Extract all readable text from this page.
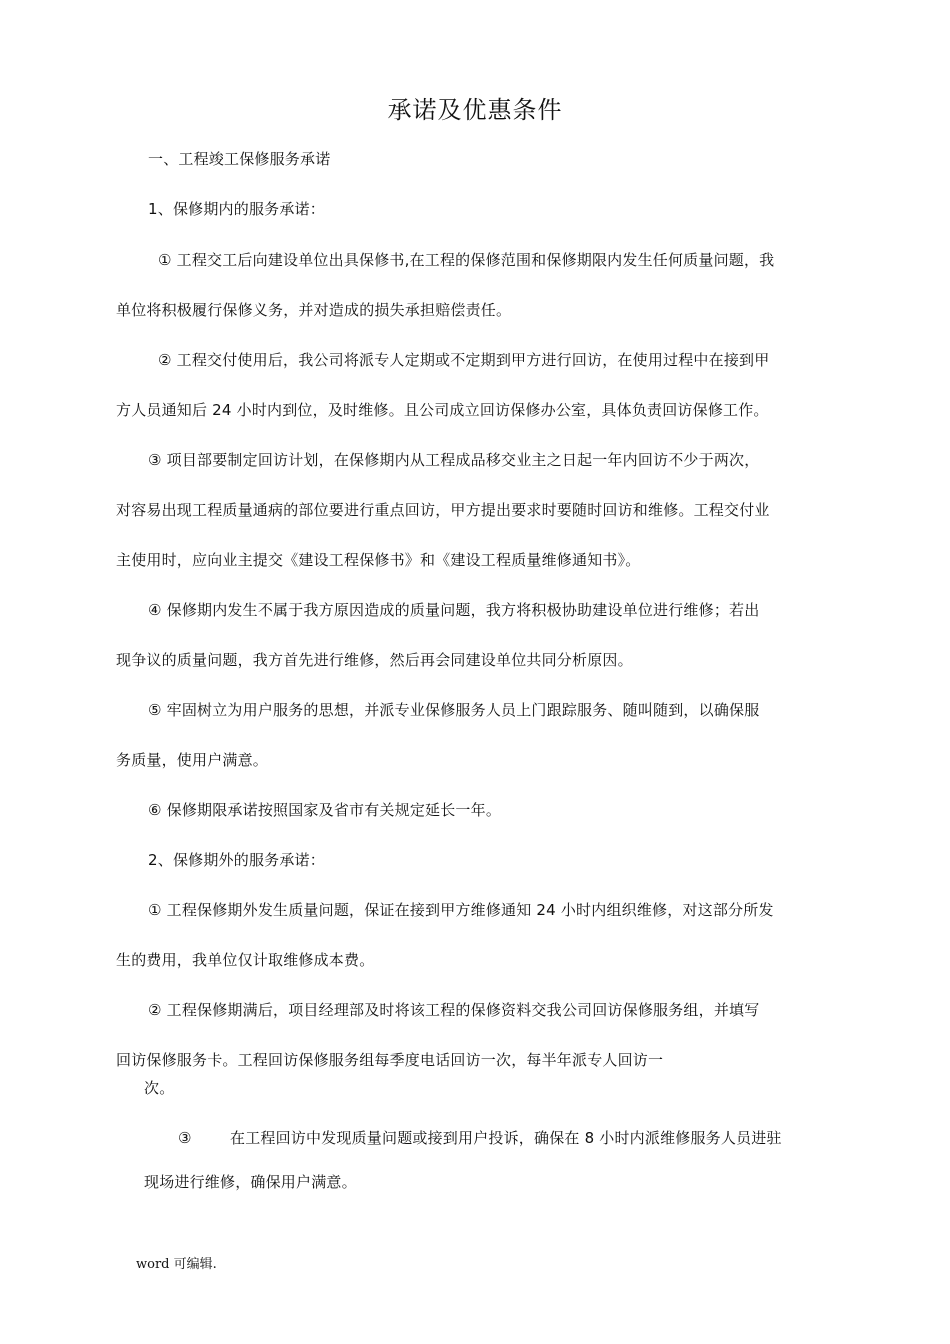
承诺及优惠条件
一、工程竣工保修服务承诺
1、保修期内的服务承诺：
① 工程交工后向建设单位出具保修书,在工程的保修范围和保修期限内发生任何质量问题，我
单位将积极履行保修义务，并对造成的损失承担赔偿责任。
② 工程交付使用后，我公司将派专人定期或不定期到甲方进行回访，在使用过程中在接到甲
方人员通知后 24 小时内到位，及时维修。且公司成立回访保修办公室，具体负责回访保修工作。
③ 项目部要制定回访计划，在保修期内从工程成品移交业主之日起一年内回访不少于两次，
对容易出现工程质量通病的部位要进行重点回访，甲方提出要求时要随时回访和维修。工程交付业
主使用时，应向业主提交《建设工程保修书》和《建设工程质量维修通知书》。
④ 保修期内发生不属于我方原因造成的质量问题，我方将积极协助建设单位进行维修；若出
现争议的质量问题，我方首先进行维修，然后再会同建设单位共同分析原因。
⑤ 牢固树立为用户服务的思想，并派专业保修服务人员上门跟踪服务、随叫随到，以确保服
务质量，使用户满意。
⑥ 保修期限承诺按照国家及省市有关规定延长一年。
2、保修期外的服务承诺：
① 工程保修期外发生质量问题，保证在接到甲方维修通知 24 小时内组织维修，对这部分所发
生的费用，我单位仅计取维修成本费。
② 工程保修期满后，项目经理部及时将该工程的保修资料交我公司回访保修服务组，并填写
回访保修服务卡。工程回访保修服务组每季度电话回访一次，每半年派专人回访一
次。
③	在工程回访中发现质量问题或接到用户投诉，确保在 8 小时内派维修服务人员进驻
现场进行维修，确保用户满意。
word 可编辑.
